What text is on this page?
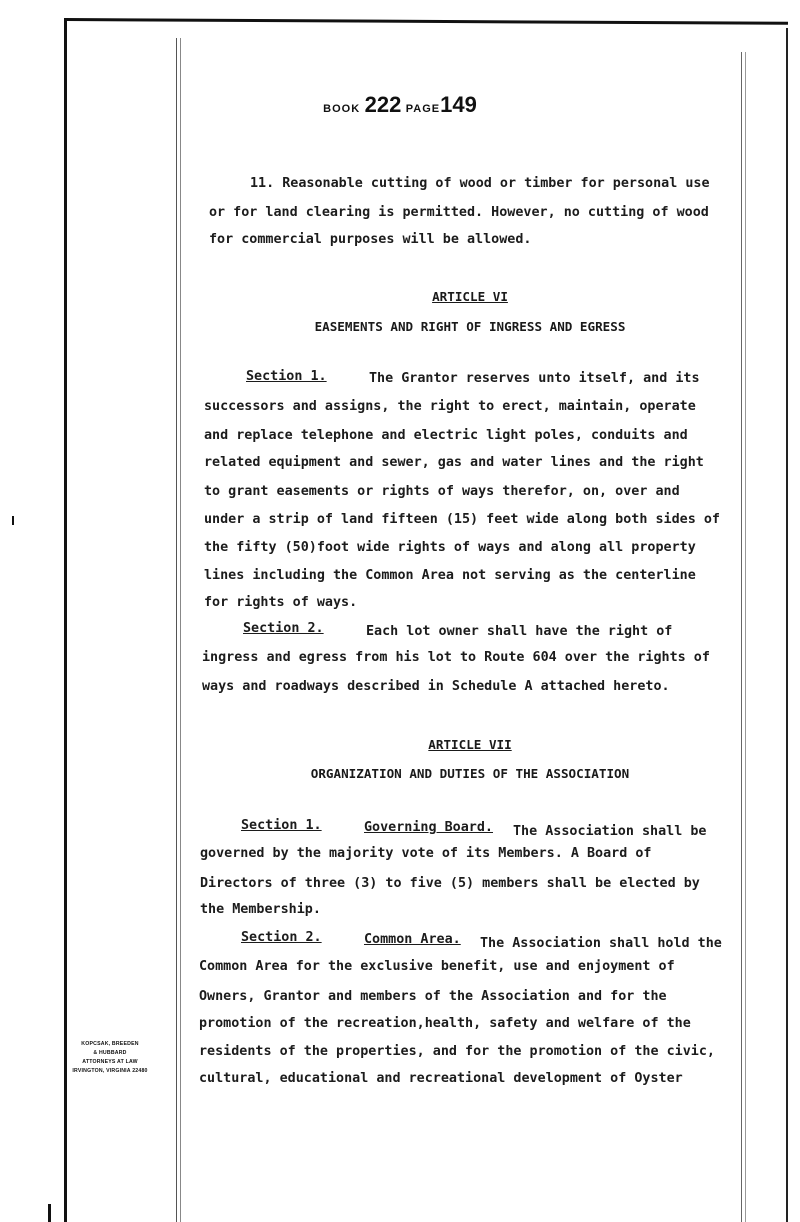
BOOK 222 PAGE149
11. Reasonable cutting of wood or timber for personal use
or for land clearing is permitted. However, no cutting of wood
for commercial purposes will be allowed.
ARTICLE VI
EASEMENTS AND RIGHT OF INGRESS AND EGRESS
Section 1.	The Grantor reserves unto itself, and its
successors and assigns, the right to erect, maintain, operate
and replace telephone and electric light poles, conduits and
related equipment and sewer, gas and water lines and the right
to grant easements or rights of ways therefor, on, over and
under a strip of land fifteen (15) feet wide along both sides of
the fifty (50)foot wide rights of ways and along all property
lines including the Common Area not serving as the centerline
for rights of ways.
Section 2.	Each lot owner shall have the right of
ingress and egress from his lot to Route 604 over the rights of
ways and roadways described in Schedule A attached hereto.
ARTICLE VII
ORGANIZATION AND DUTIES OF THE ASSOCIATION
Section 1.	Governing Board. The Association shall be
governed by the majority vote of its Members. A Board of
Directors of three (3) to five (5) members shall be elected by
the Membership.
Section 2.	Common Area. The Association shall hold the
Common Area for the exclusive benefit, use and enjoyment of
Owners, Grantor and members of the Association and for the
promotion of the recreation,health, safety and welfare of the
residents of the properties, and for the promotion of the civic,
cultural, educational and recreational development of Oyster
KOPCSAK, BREEDEN
& HUBBARD
ATTORNEYS AT LAW
IRVINGTON, VIRGINIA 22480
